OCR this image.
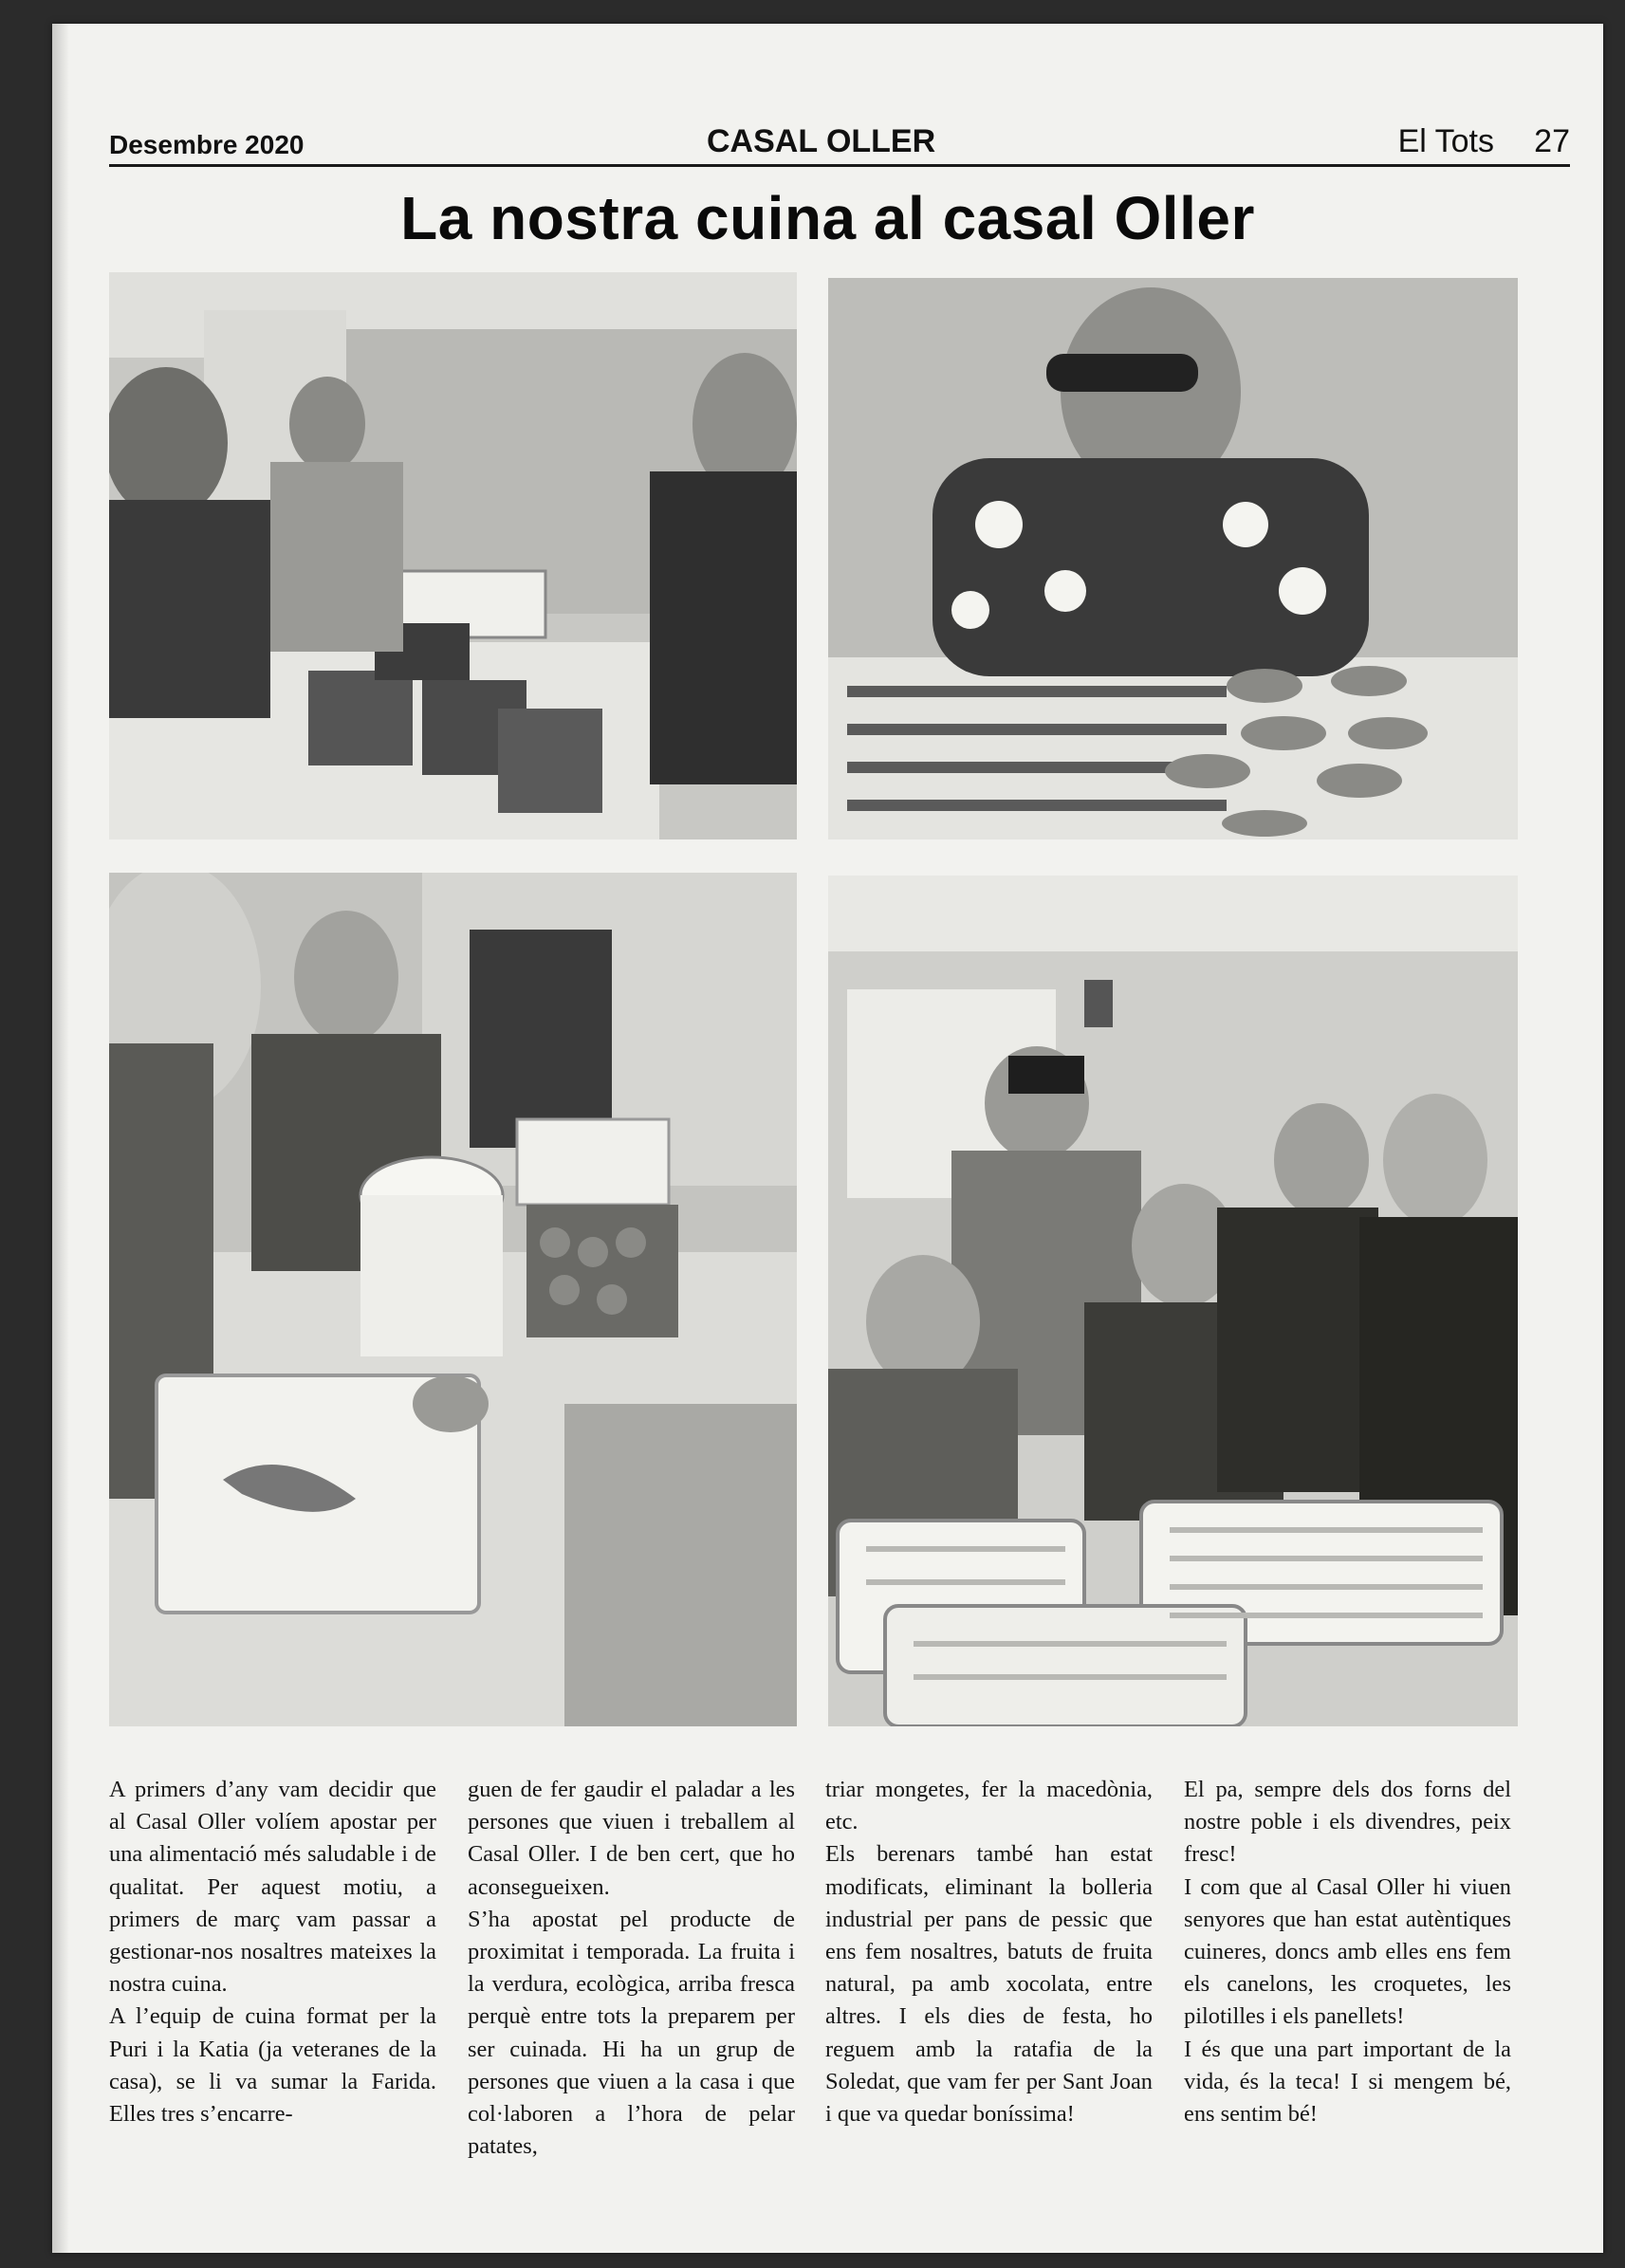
Desembre 2020	CASAL OLLER	El Tots 27
La nostra cuina al casal Oller

A primers d’any vam decidir que al Casal Oller volíem apostar per una alimentació més saludable i de qualitat. Per aquest motiu, a primers de març vam passar a gestionar-nos nosaltres mateixes la nostra cuina.

A l’equip de cuina format per la Puri i la Katia (ja veteranes de la casa), se li va sumar la Farida. Elles tres s’encarre-

guen de fer gaudir el paladar a les persones que viuen i treballem al Casal Oller. I de ben cert, que ho aconsegueixen.

S’ha apostat pel producte de proximitat i temporada. La fruita i la verdura, ecològica, arriba fresca perquè entre tots la preparem per ser cuinada. Hi ha un grup de persones que viuen a la casa i que col·laboren a l’hora de pelar patates,

triar mongetes, fer la macedònia, etc.

Els berenars també han estat modificats, eliminant la bolleria industrial per pans de pessic que ens fem nosaltres, batuts de fruita natural, pa amb xocolata, entre altres. I els dies de festa, ho reguem amb la ratafia de la Soledat, que vam fer per Sant Joan i que va quedar boníssima!

El pa, sempre dels dos forns del nostre poble i els divendres, peix fresc!

I com que al Casal Oller hi viuen senyores que han estat autèntiques cuineres, doncs amb elles ens fem els canelons, les croquetes, les pilotilles i els panellets!

I és que una part important de la vida, és la teca! I si mengem bé, ens sentim bé!
